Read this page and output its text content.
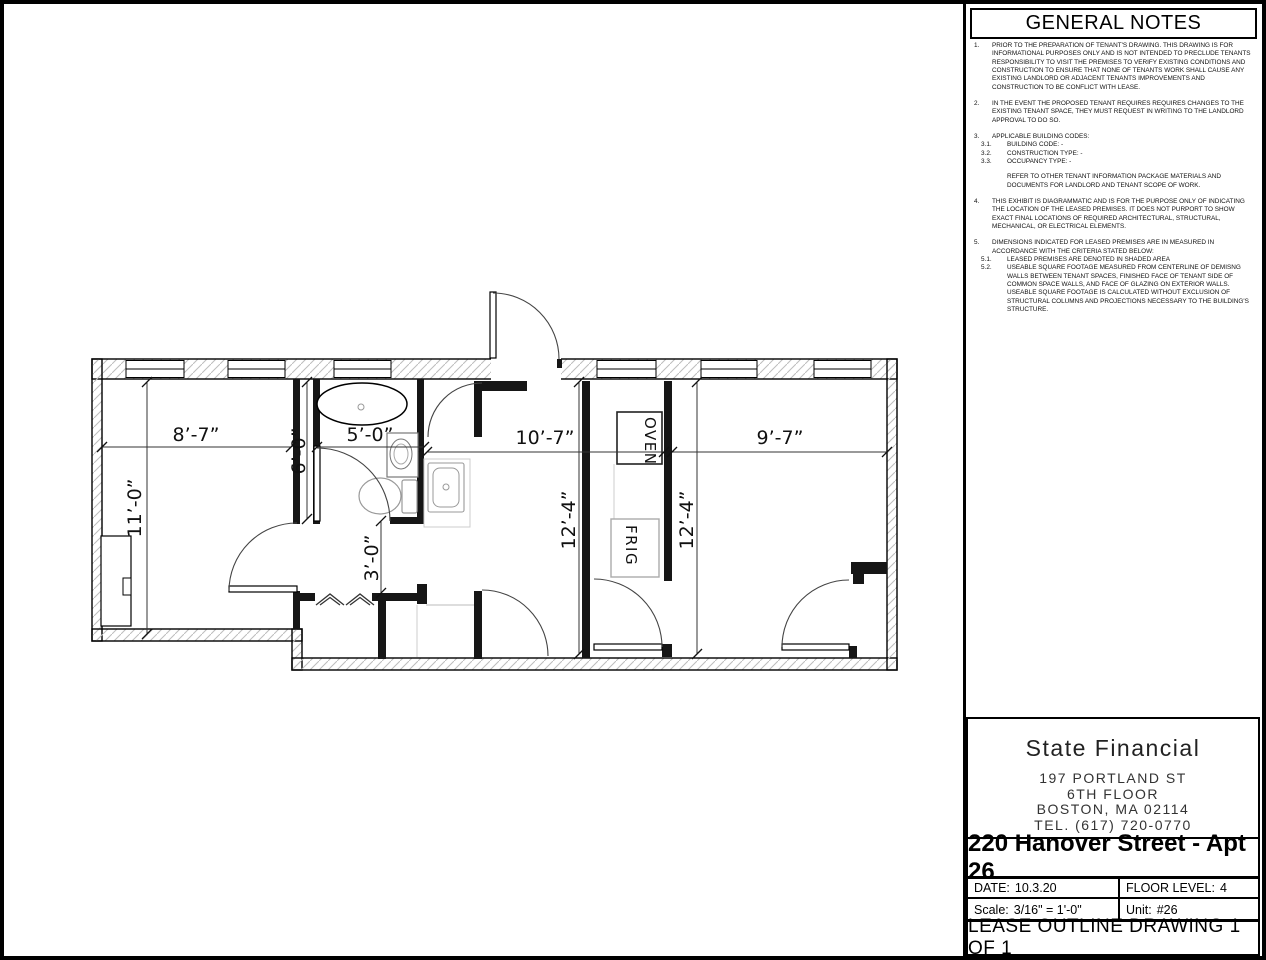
OVEN
FRIG
8’-7”	5’-0”	10’-7”	9’-7”
11’-0”
6’-0”
3’-0”
12’-4”	12’-4”
GENERAL NOTES
1.	PRIOR TO THE PREPARATION OF TENANT'S DRAWING. THIS DRAWING IS FOR INFORMATIONAL PURPOSES ONLY AND IS NOT INTENDED TO PRECLUDE TENANTS RESPONSIBILITY TO VISIT THE PREMISES TO VERIFY EXISTING CONDITIONS AND CONSTRUCTION TO ENSURE THAT NONE OF TENANTS WORK SHALL CAUSE ANY EXISTING LANDLORD OR ADJACENT TENANTS IMPROVEMENTS AND CONSTRUCTION TO BE CONFLICT WITH LEASE.
2.	IN THE EVENT THE PROPOSED TENANT REQUIRES REQUIRES CHANGES TO THE EXISTING TENANT SPACE, THEY MUST REQUEST IN WRITING TO THE LANDLORD APPROVAL TO DO SO.
3.	APPLICABLE BUILDING CODES:
3.1.	BUILDING CODE: -
3.2.	CONSTRUCTION TYPE: -
3.3.	OCCUPANCY TYPE: -
REFER TO OTHER TENANT INFORMATION PACKAGE MATERIALS AND DOCUMENTS FOR LANDLORD AND TENANT SCOPE OF WORK.
4.	THIS EXHIBIT IS DIAGRAMMATIC AND IS FOR THE PURPOSE ONLY OF INDICATING THE LOCATION OF THE LEASED PREMISES. IT DOES NOT PURPORT TO SHOW EXACT FINAL LOCATIONS OF REQUIRED ARCHITECTURAL, STRUCTURAL, MECHANICAL, OR ELECTRICAL ELEMENTS.
5.	DIMENSIONS INDICATED FOR LEASED PREMISES ARE IN MEASURED IN ACCORDANCE WITH THE CRITERIA STATED BELOW:
5.1.	LEASED PREMISES ARE DENOTED IN SHADED AREA
5.2.	USEABLE SQUARE FOOTAGE MEASURED FROM CENTERLINE OF DEMISNG WALLS BETWEEN TENANT SPACES, FINISHED FACE OF TENANT SIDE OF COMMON SPACE WALLS, AND FACE OF GLAZING ON EXTERIOR WALLS. USEABLE SQUARE FOOTAGE IS CALCULATED WITHOUT EXCLUSION OF STRUCTURAL COLUMNS AND PROJECTIONS NECESSARY TO THE BUILDING'S STRUCTURE.
State Financial
197 PORTLAND ST
6TH FLOOR
BOSTON, MA 02114
TEL. (617) 720-0770
220 Hanover Street - Apt 26
DATE: 10.3.20	FLOOR LEVEL: 4
Scale: 3/16" = 1'-0"	Unit: #26
LEASE OUTLINE DRAWING 1 OF 1
